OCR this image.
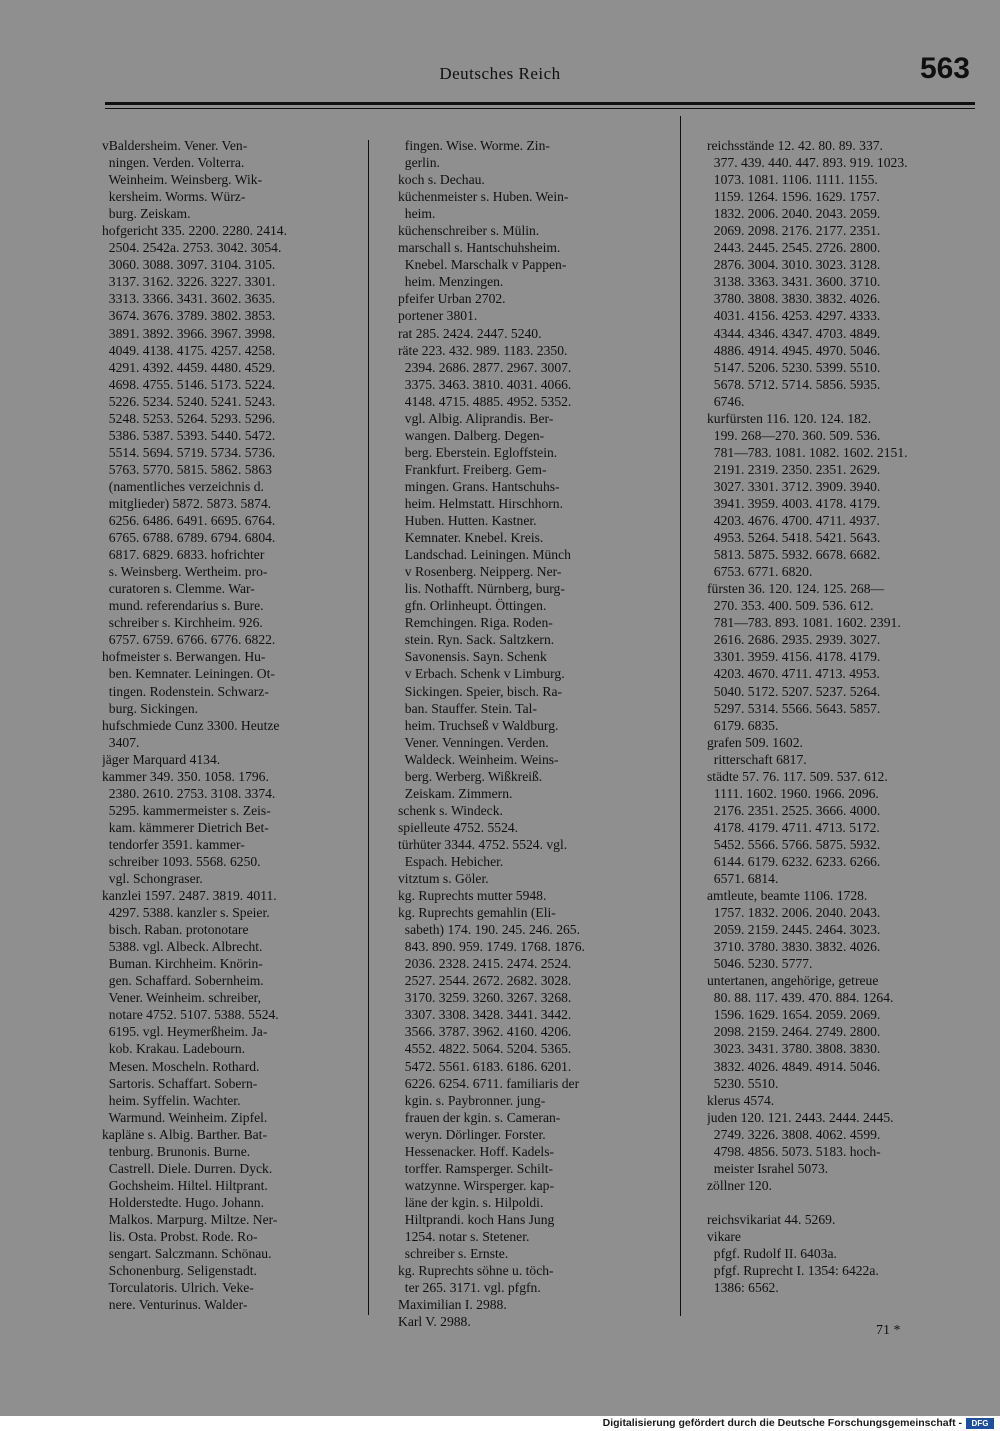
Deutsches Reich	563
vBaldersheim. Vener. Ven-
ningen. Verden. Volterra.
Weinheim. Weinsberg. Wik-
kersheim. Worms. Würz-
burg. Zeiskam.
hofgericht 335. 2200. 2280. 2414.
2504. 2542a. 2753. 3042. 3054.
3060. 3088. 3097. 3104. 3105.
3137. 3162. 3226. 3227. 3301.
3313. 3366. 3431. 3602. 3635.
3674. 3676. 3789. 3802. 3853.
3891. 3892. 3966. 3967. 3998.
4049. 4138. 4175. 4257. 4258.
4291. 4392. 4459. 4480. 4529.
4698. 4755. 5146. 5173. 5224.
5226. 5234. 5240. 5241. 5243.
5248. 5253. 5264. 5293. 5296.
5386. 5387. 5393. 5440. 5472.
5514. 5694. 5719. 5734. 5736.
5763. 5770. 5815. 5862. 5863
(namentliches verzeichnis d.
mitglieder) 5872. 5873. 5874.
6256. 6486. 6491. 6695. 6764.
6765. 6788. 6789. 6794. 6804.
6817. 6829. 6833. hofrichter
s. Weinsberg. Wertheim. pro-
curatoren s. Clemme. War-
mund. referendarius s. Bure.
schreiber s. Kirchheim. 926.
6757. 6759. 6766. 6776. 6822.
hofmeister s. Berwangen. Hu-
ben. Kemnater. Leiningen. Ot-
tingen. Rodenstein. Schwarz-
burg. Sickingen.
hufschmiede Cunz 3300. Heutze
3407.
jäger Marquard 4134.
kammer 349. 350. 1058. 1796.
2380. 2610. 2753. 3108. 3374.
5295. kammermeister s. Zeis-
kam. kämmerer Dietrich Bet-
tendorfer 3591. kammer-
schreiber 1093. 5568. 6250.
vgl. Schongraser.
kanzlei 1597. 2487. 3819. 4011.
4297. 5388. kanzler s. Speier.
bisch. Raban. protonotare
5388. vgl. Albeck. Albrecht.
Buman. Kirchheim. Knörin-
gen. Schaffard. Sobernheim.
Vener. Weinheim. schreiber,
notare 4752. 5107. 5388. 5524.
6195. vgl. Heymerßheim. Ja-
kob. Krakau. Ladebourn.
Mesen. Moscheln. Rothard.
Sartoris. Schaffart. Sobern-
heim. Syffelin. Wachter.
Warmund. Weinheim. Zipfel.
kapläne s. Albig. Barther. Bat-
tenburg. Brunonis. Burne.
Castrell. Diele. Durren. Dyck.
Gochsheim. Hiltel. Hiltprant.
Holderstedte. Hugo. Johann.
Malkos. Marpurg. Miltze. Ner-
lis. Osta. Probst. Rode. Ro-
sengart. Salczmann. Schönau.
Schonenburg. Seligenstadt.
Torculatoris. Ulrich. Veke-
nere. Venturinus. Walder-
fingen. Wise. Worme. Zin-
gerlin.
koch s. Dechau.
küchenmeister s. Huben. Wein-
heim.
küchenschreiber s. Mülin.
marschall s. Hantschuhsheim.
Knebel. Marschalk v Pappen-
heim. Menzingen.
pfeifer Urban 2702.
portener 3801.
rat 285. 2424. 2447. 5240.
räte 223. 432. 989. 1183. 2350.
2394. 2686. 2877. 2967. 3007.
3375. 3463. 3810. 4031. 4066.
4148. 4715. 4885. 4952. 5352.
vgl. Albig. Aliprandis. Ber-
wangen. Dalberg. Degen-
berg. Eberstein. Egloffstein.
Frankfurt. Freiberg. Gem-
mingen. Grans. Hantschuhs-
heim. Helmstatt. Hirschhorn.
Huben. Hutten. Kastner.
Kemnater. Knebel. Kreis.
Landschad. Leiningen. Münch
v Rosenberg. Neipperg. Ner-
lis. Nothafft. Nürnberg, burg-
gfn. Orlinheupt. Öttingen.
Remchingen. Riga. Roden-
stein. Ryn. Sack. Saltzkern.
Savonensis. Sayn. Schenk
v Erbach. Schenk v Limburg.
Sickingen. Speier, bisch. Ra-
ban. Stauffer. Stein. Tal-
heim. Truchseß v Waldburg.
Vener. Venningen. Verden.
Waldeck. Weinheim. Weins-
berg. Werberg. Wißkreiß.
Zeiskam. Zimmern.
schenk s. Windeck.
spielleute 4752. 5524.
türhüter 3344. 4752. 5524. vgl.
Espach. Hebicher.
vitztum s. Göler.
kg. Ruprechts mutter 5948.
kg. Ruprechts gemahlin (Eli-
sabeth) 174. 190. 245. 246. 265.
843. 890. 959. 1749. 1768. 1876.
2036. 2328. 2415. 2474. 2524.
2527. 2544. 2672. 2682. 3028.
3170. 3259. 3260. 3267. 3268.
3307. 3308. 3428. 3441. 3442.
3566. 3787. 3962. 4160. 4206.
4552. 4822. 5064. 5204. 5365.
5472. 5561. 6183. 6186. 6201.
6226. 6254. 6711. familiaris der
kgin. s. Paybronner. jung-
frauen der kgin. s. Cameran-
weryn. Dörlinger. Forster.
Hessenacker. Hoff. Kadels-
torffer. Ramsperger. Schilt-
watzynne. Wirsperger. kap-
läne der kgin. s. Hilpoldi.
Hiltprandi. koch Hans Jung
1254. notar s. Stetener.
schreiber s. Ernste.
kg. Ruprechts söhne u. töch-
ter 265. 3171. vgl. pfgfn.
Maximilian I. 2988.
Karl V. 2988.
reichsstände 12. 42. 80. 89. 337.
377. 439. 440. 447. 893. 919. 1023.
1073. 1081. 1106. 1111. 1155.
1159. 1264. 1596. 1629. 1757.
1832. 2006. 2040. 2043. 2059.
2069. 2098. 2176. 2177. 2351.
2443. 2445. 2545. 2726. 2800.
2876. 3004. 3010. 3023. 3128.
3138. 3363. 3431. 3600. 3710.
3780. 3808. 3830. 3832. 4026.
4031. 4156. 4253. 4297. 4333.
4344. 4346. 4347. 4703. 4849.
4886. 4914. 4945. 4970. 5046.
5147. 5206. 5230. 5399. 5510.
5678. 5712. 5714. 5856. 5935.
6746.
kurfürsten 116. 120. 124. 182.
199. 268—270. 360. 509. 536.
781—783. 1081. 1082. 1602. 2151.
2191. 2319. 2350. 2351. 2629.
3027. 3301. 3712. 3909. 3940.
3941. 3959. 4003. 4178. 4179.
4203. 4676. 4700. 4711. 4937.
4953. 5264. 5418. 5421. 5643.
5813. 5875. 5932. 6678. 6682.
6753. 6771. 6820.
fürsten 36. 120. 124. 125. 268—
270. 353. 400. 509. 536. 612.
781—783. 893. 1081. 1602. 2391.
2616. 2686. 2935. 2939. 3027.
3301. 3959. 4156. 4178. 4179.
4203. 4670. 4711. 4713. 4953.
5040. 5172. 5207. 5237. 5264.
5297. 5314. 5566. 5643. 5857.
6179. 6835.
grafen 509. 1602.
ritterschaft 6817.
städte 57. 76. 117. 509. 537. 612.
1111. 1602. 1960. 1966. 2096.
2176. 2351. 2525. 3666. 4000.
4178. 4179. 4711. 4713. 5172.
5452. 5566. 5766. 5875. 5932.
6144. 6179. 6232. 6233. 6266.
6571. 6814.
amtleute, beamte 1106. 1728.
1757. 1832. 2006. 2040. 2043.
2059. 2159. 2445. 2464. 3023.
3710. 3780. 3830. 3832. 4026.
5046. 5230. 5777.
untertanen, angehörige, getreue
80. 88. 117. 439. 470. 884. 1264.
1596. 1629. 1654. 2059. 2069.
2098. 2159. 2464. 2749. 2800.
3023. 3431. 3780. 3808. 3830.
3832. 4026. 4849. 4914. 5046.
5230. 5510.
klerus 4574.
juden 120. 121. 2443. 2444. 2445.
2749. 3226. 3808. 4062. 4599.
4798. 4856. 5073. 5183. hoch-
meister Israhel 5073.
zöllner 120.
reichsvikariat 44. 5269.
vikare
pfgf. Rudolf II. 6403a.
pfgf. Ruprecht I. 1354: 6422a.
1386: 6562.
71 *
Digitalisierung gefördert durch die Deutsche Forschungsgemeinschaft -	DFG
